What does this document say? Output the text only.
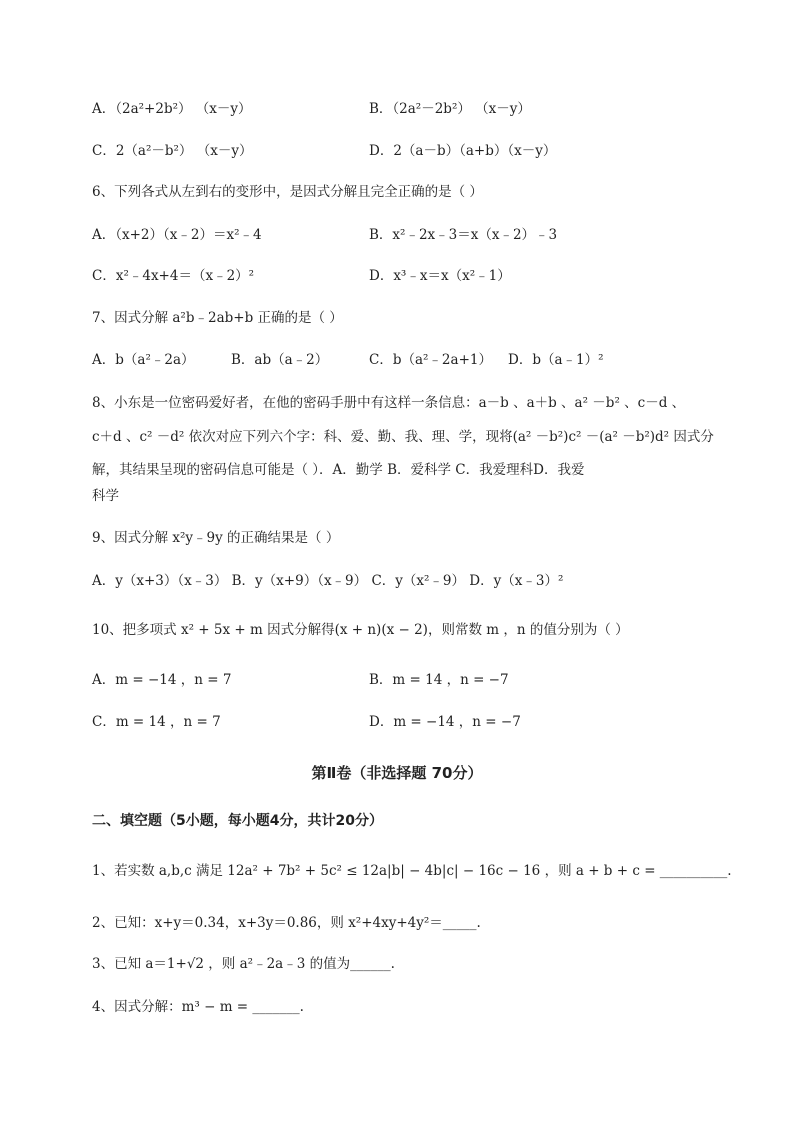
A．（2a²+2b²） （x－y）	B．（2a²－2b²） （x－y）
C．2（a²－b²） （x－y）	D．2（a－b）（a+b）（x－y）
6、下列各式从左到右的变形中，是因式分解且完全正确的是（ ）
A．（x+2）（x﹣2）＝x²﹣4	B．x²﹣2x﹣3＝x（x﹣2）﹣3
C．x²﹣4x+4＝（x﹣2）²	D．x³﹣x＝x（x²﹣1）
7、因式分解 a²b﹣2ab+b 正确的是（ ）
A．b（a²﹣2a）	B．ab（a﹣2）	C．b（a²﹣2a+1） D．b（a﹣1）²
8、小东是一位密码爱好者，在他的密码手册中有这样一条信息：a－b 、a＋b 、a² －b² 、c－d 、
c＋d 、c² －d² 依次对应下列六个字：科、爱、勤、我、理、学，现将(a² －b²)c² －(a² －b²)d² 因式分
解，其结果呈现的密码信息可能是（ ）．A．勤学 B．爱科学 C．我爱理科D．我爱
科学
9、因式分解 x²y﹣9y 的正确结果是（ ）
A．y（x+3）（x﹣3） B．y（x+9）（x﹣9） C．y（x²﹣9） D．y（x﹣3）²
10、把多项式 x² + 5x + m 因式分解得(x + n)(x − 2)，则常数 m ，n 的值分别为（ ）
A．m = −14 ，n = 7	B．m = 14 ，n = −7
C．m = 14 ，n = 7	D．m = −14 ，n = −7
第Ⅱ卷（非选择题 70分）
二、填空题（5小题，每小题4分，共计20分）
1、若实数 a,b,c 满足 12a² + 7b² + 5c² ≤ 12a|b| − 4b|c| − 16c − 16 ，则 a + b + c = __________.
2、已知：x+y＝0.34，x+3y＝0.86，则 x²+4xy+4y²＝_____.
3、已知 a＝1+√2 ，则 a²﹣2a﹣3 的值为______.
4、因式分解：m³ − m = _______.
